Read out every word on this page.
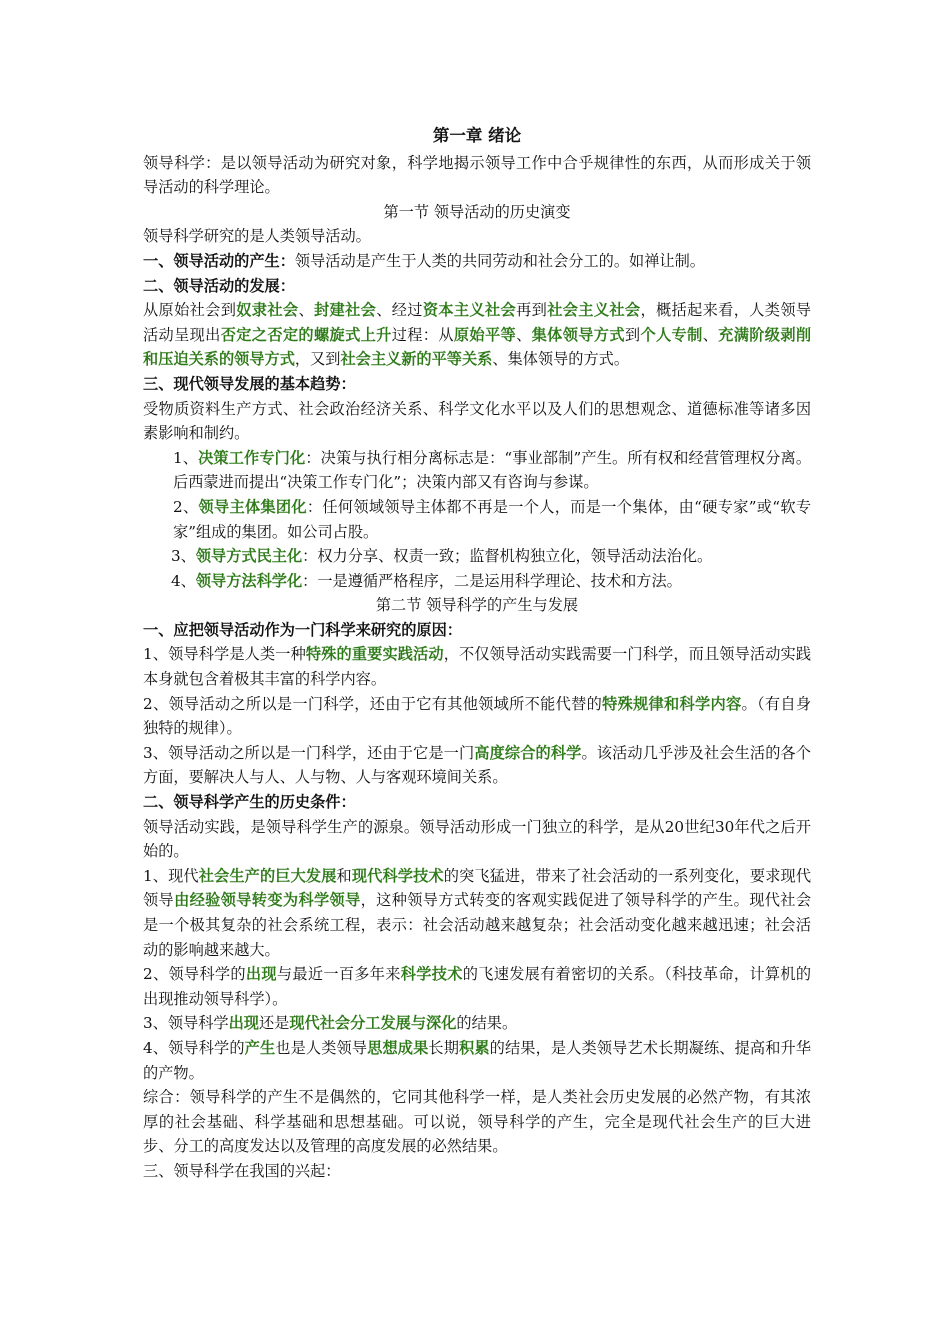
第一章 绪论

领导科学：是以领导活动为研究对象，科学地揭示领导工作中合乎规律性的东西，从而形成关于领导活动的科学理论。

第一节 领导活动的历史演变

领导科学研究的是人类领导活动。

一、领导活动的产生：领导活动是产生于人类的共同劳动和社会分工的。如禅让制。

二、领导活动的发展：

从原始社会到奴隶社会、封建社会、经过资本主义社会再到社会主义社会，概括起来看，人类领导活动呈现出否定之否定的螺旋式上升过程：从原始平等、集体领导方式到个人专制、充满阶级剥削和压迫关系的领导方式，又到社会主义新的平等关系、集体领导的方式。

三、现代领导发展的基本趋势：

受物质资料生产方式、社会政治经济关系、科学文化水平以及人们的思想观念、道德标准等诸多因素影响和制约。

1、决策工作专门化：决策与执行相分离标志是：“事业部制”产生。所有权和经营管理权分离。后西蒙进而提出“决策工作专门化”；决策内部又有咨询与参谋。

2、领导主体集团化：任何领域领导主体都不再是一个人，而是一个集体，由“硬专家”或“软专家”组成的集团。如公司占股。

3、领导方式民主化：权力分享、权责一致；监督机构独立化，领导活动法治化。

4、领导方法科学化：一是遵循严格程序，二是运用科学理论、技术和方法。

第二节 领导科学的产生与发展

一、应把领导活动作为一门科学来研究的原因：

1、领导科学是人类一种特殊的重要实践活动，不仅领导活动实践需要一门科学，而且领导活动实践本身就包含着极其丰富的科学内容。

2、领导活动之所以是一门科学，还由于它有其他领域所不能代替的特殊规律和科学内容。（有自身独特的规律）。

3、领导活动之所以是一门科学，还由于它是一门高度综合的科学。该活动几乎涉及社会生活的各个方面，要解决人与人、人与物、人与客观环境间关系。

二、领导科学产生的历史条件：

领导活动实践，是领导科学生产的源泉。领导活动形成一门独立的科学，是从20世纪30年代之后开始的。

1、现代社会生产的巨大发展和现代科学技术的突飞猛进，带来了社会活动的一系列变化，要求现代领导由经验领导转变为科学领导，这种领导方式转变的客观实践促进了领导科学的产生。现代社会是一个极其复杂的社会系统工程，表示：社会活动越来越复杂；社会活动变化越来越迅速；社会活动的影响越来越大。

2、领导科学的出现与最近一百多年来科学技术的飞速发展有着密切的关系。（科技革命，计算机的出现推动领导科学）。

3、领导科学出现还是现代社会分工发展与深化的结果。

4、领导科学的产生也是人类领导思想成果长期积累的结果，是人类领导艺术长期凝练、提高和升华的产物。

综合：领导科学的产生不是偶然的，它同其他科学一样，是人类社会历史发展的必然产物，有其浓厚的社会基础、科学基础和思想基础。可以说，领导科学的产生，完全是现代社会生产的巨大进步、分工的高度发达以及管理的高度发展的必然结果。

三、领导科学在我国的兴起：
